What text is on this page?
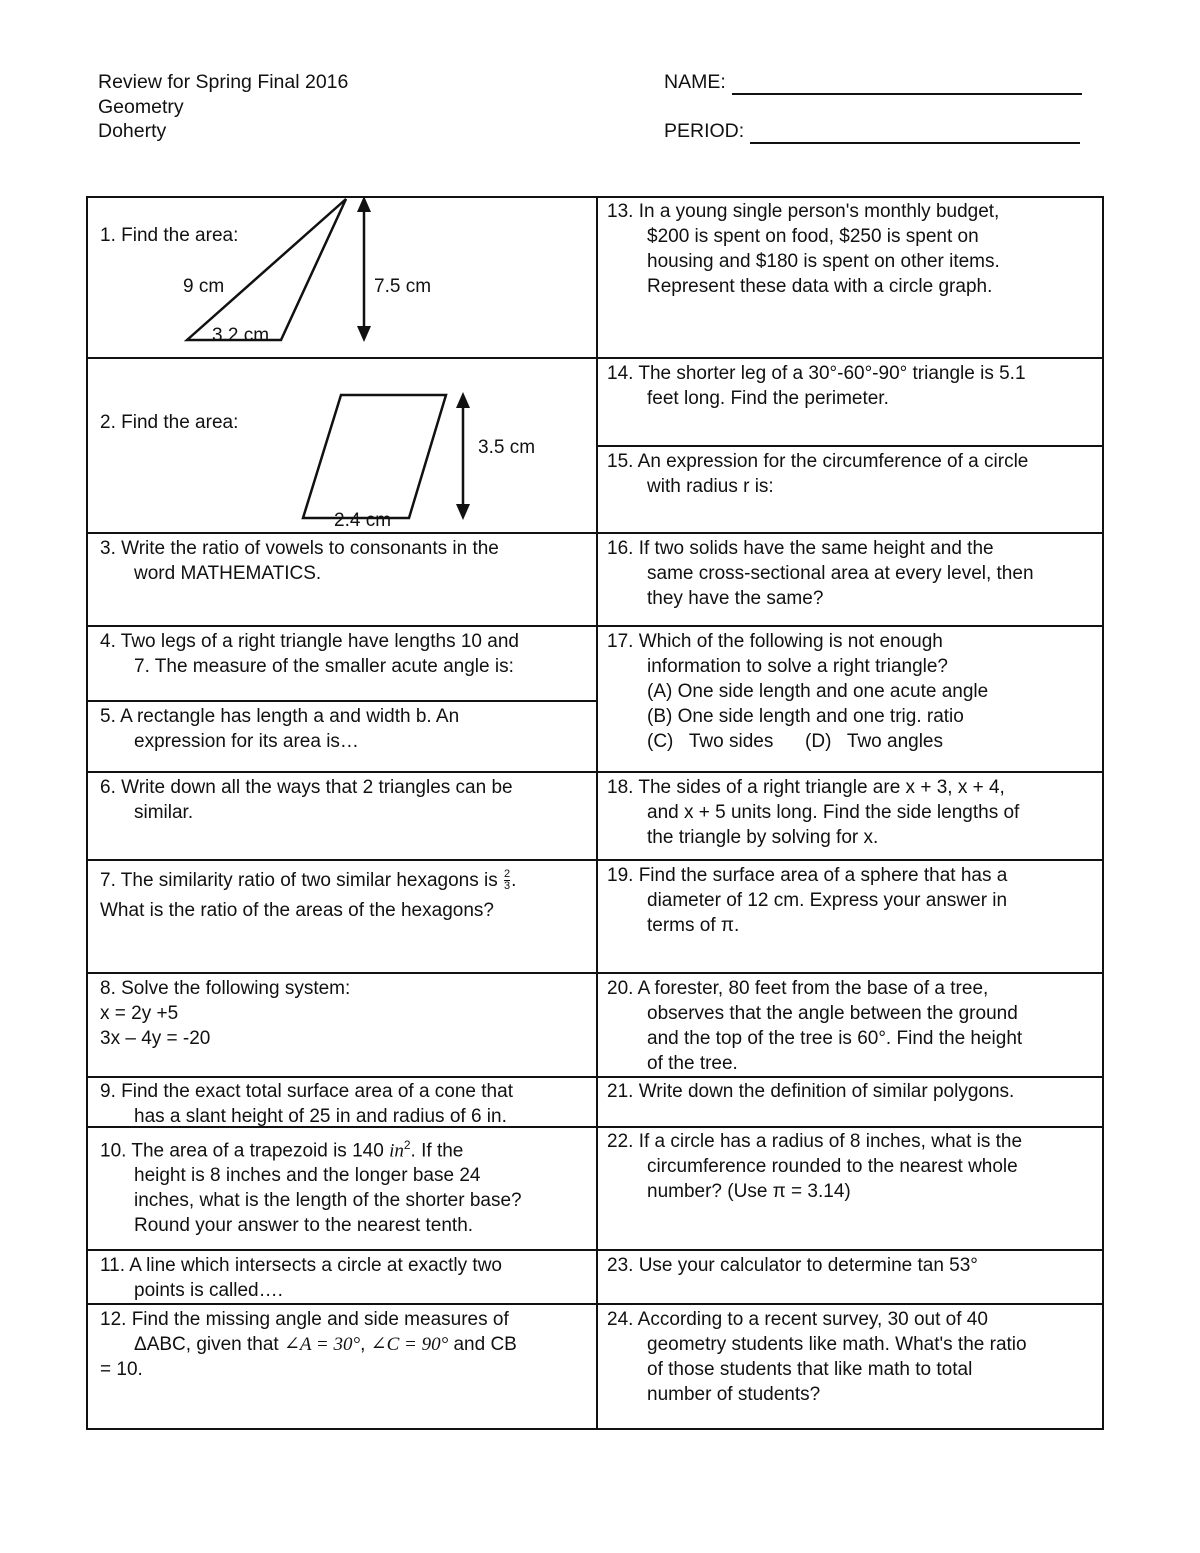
Review for Spring Final 2016
Geometry
Doherty
NAME:
PERIOD:
1. Find the area:
9 cm	7.5 cm
3.2 cm
3.5 cm
2.4 cm
2. Find the area:
3. Write the ratio of vowels to consonants in the
word MATHEMATICS.
4. Two legs of a right triangle have lengths 10 and
7. The measure of the smaller acute angle is:
5. A rectangle has length a and width b. An
expression for its area is…
6. Write down all the ways that 2 triangles can be
similar.
7. The similarity ratio of two similar hexagons is $\frac{2}{3}$ .
What is the ratio of the areas of the hexagons?
8. Solve the following system:
x = 2y +5
3x – 4y = -20
9. Find the exact total surface area of a cone that
has a slant height of 25 in and radius of 6 in.
10. The area of a trapezoid is 140 $in^2$. If the
height is 8 inches and the longer base 24
inches, what is the length of the shorter base?
Round your answer to the nearest tenth.
11. A line which intersects a circle at exactly two
points is called….
12. Find the missing angle and side measures of
ΔABC, given that ∠A = 30°, ∠C = 90° and CB
= 10.
13. In a young single person's monthly budget,
$200 is spent on food, $250 is spent on
housing and $180 is spent on other items.
Represent these data with a circle graph.
14. The shorter leg of a 30°-60°-90° triangle is 5.1
feet long. Find the perimeter.
15. An expression for the circumference of a circle
with radius r is:
16. If two solids have the same height and the
same cross-sectional area at every level, then
they have the same?
17. Which of the following is not enough
information to solve a right triangle?
(A) One side length and one acute angle
(B) One side length and one trig. ratio
(C)   Two sides      (D)   Two angles
18. The sides of a right triangle are x + 3, x + 4,
and x + 5 units long. Find the side lengths of
the triangle by solving for x.
19. Find the surface area of a sphere that has a
diameter of 12 cm. Express your answer in
terms of π.
20. A forester, 80 feet from the base of a tree,
observes that the angle between the ground
and the top of the tree is 60°. Find the height
of the tree.
21. Write down the definition of similar polygons.
22. If a circle has a radius of 8 inches, what is the
circumference rounded to the nearest whole
number? (Use π = 3.14)
23. Use your calculator to determine tan 53°
24. According to a recent survey, 30 out of 40
geometry students like math. What's the ratio
of those students that like math to total
number of students?
